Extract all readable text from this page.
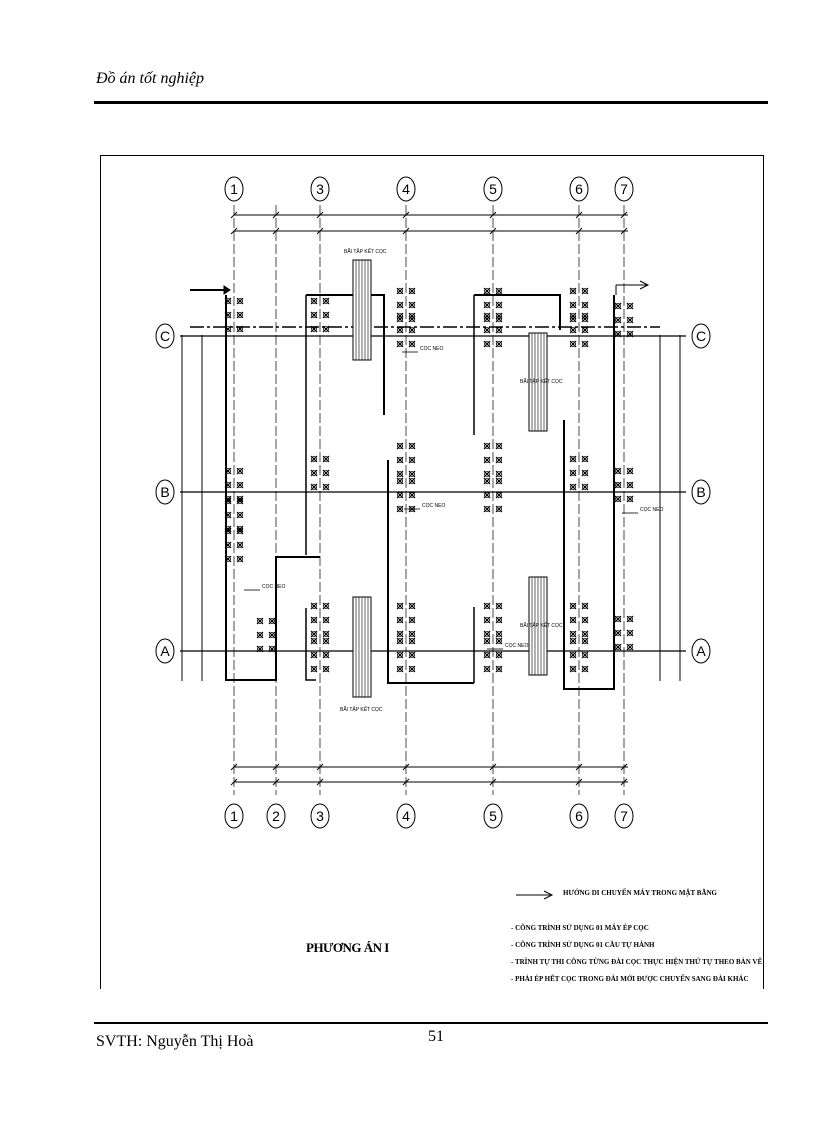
Đồ án tốt nghiệp
BÃI TẬP KẾT CỌC
BÃI TẬP KẾT CỌC
BÃI TẬP KẾT CỌC
BÃI TẬP KẾT CỌC
CỌC NEO
CỌC NEO
CỌC NEO
CỌC NEO
CỌC NEO
1	3	4	5	6	7
1 2	3	4	5	6	7
C	C
B	B
A	A
PHƯƠNG ÁN I
HƯỚNG DI CHUYỂN MÁY TRONG MẶT BẰNG
- CÔNG TRÌNH SỬ DỤNG 01 MÁY ÉP CỌC
- CÔNG TRÌNH SỬ DỤNG 01 CẦU TỰ HÀNH
- TRÌNH TỰ THI CÔNG TỪNG ĐÀI CỌC THỰC HIỆN THỨ TỰ THEO BẢN VẼ
- PHẢI ÉP HẾT CỌC TRONG ĐÀI MỚI ĐƯỢC CHUYỂN SANG ĐÀI KHÁC
SVTH: Nguyễn Thị Hoà	51
